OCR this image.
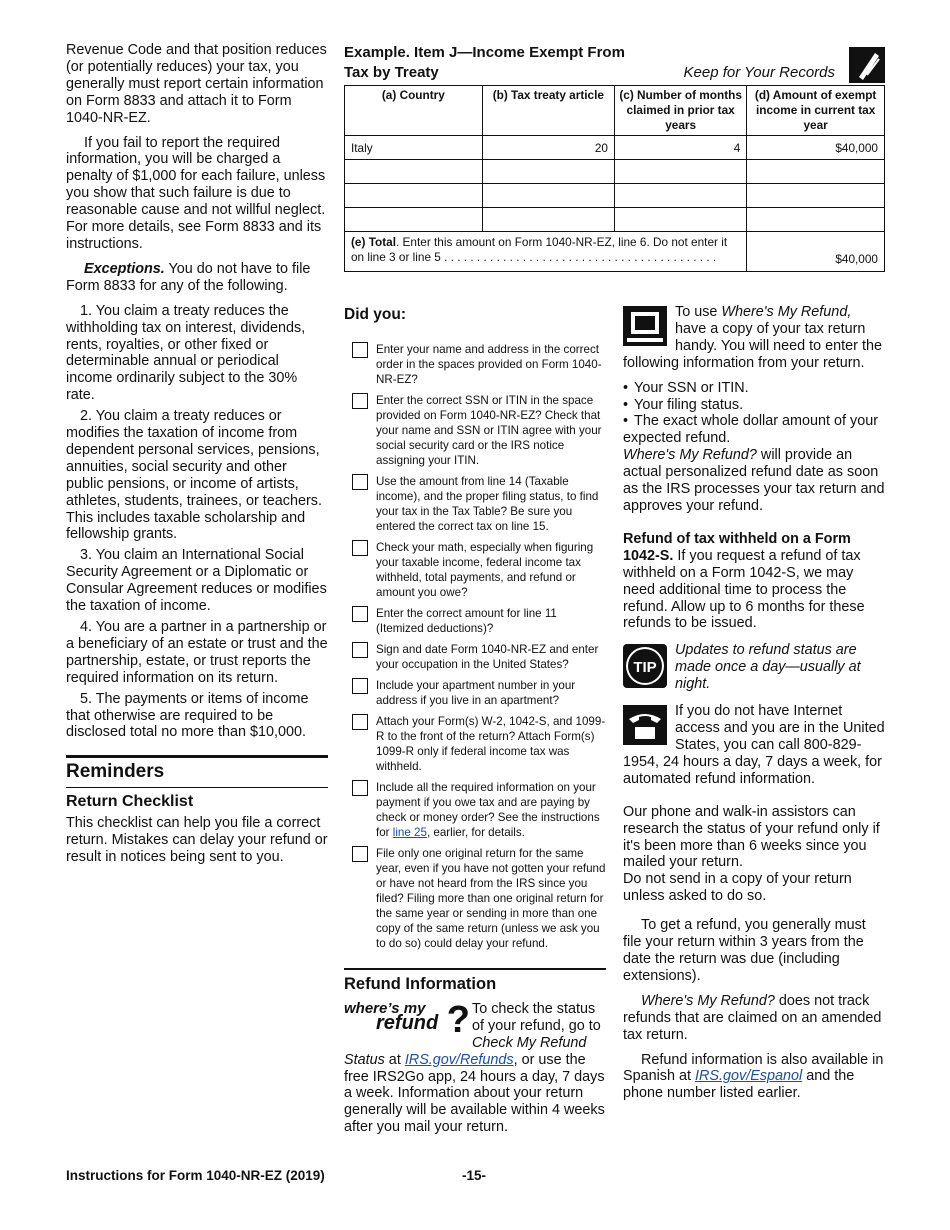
Revenue Code and that position reduces (or potentially reduces) your tax, you generally must report certain information on Form 8833 and attach it to Form 1040-NR-EZ.

If you fail to report the required information, you will be charged a penalty of $1,000 for each failure, unless you show that such failure is due to reasonable cause and not willful neglect. For more details, see Form 8833 and its instructions.

Exceptions. You do not have to file Form 8833 for any of the following.

1. You claim a treaty reduces the withholding tax on interest, dividends, rents, royalties, or other fixed or determinable annual or periodical income ordinarily subject to the 30% rate.

2. You claim a treaty reduces or modifies the taxation of income from dependent personal services, pensions, annuities, social security and other public pensions, or income of artists, athletes, students, trainees, or teachers. This includes taxable scholarship and fellowship grants.

3. You claim an International Social Security Agreement or a Diplomatic or Consular Agreement reduces or modifies the taxation of income.

4. You are a partner in a partnership or a beneficiary of an estate or trust and the partnership, estate, or trust reports the required information on its return.

5. The payments or items of income that otherwise are required to be disclosed total no more than $10,000.

Reminders
Return Checklist

This checklist can help you file a correct return. Mistakes can delay your refund or result in notices being sent to you.

Example. Item J—Income Exempt From
Tax by Treaty	Keep for Your Records
(a) Country	(b) Tax treaty article	(c) Number of months claimed in prior tax years	(d) Amount of exempt income in current tax year
Italy	20	4	$40,000

(e) Total. Enter this amount on Form 1040-NR-EZ, line 6. Do not enter it on line 3 or line 5 . . . . . . . . . . . . . . . . . . . . . . . . . . . . . . . . . . . . . . . . . .			$40,000
Did you:
Enter your name and address in the correct order in the spaces provided on Form 1040-NR-EZ?
Enter the correct SSN or ITIN in the space provided on Form 1040-NR-EZ? Check that your name and SSN or ITIN agree with your social security card or the IRS notice assigning your ITIN.
Use the amount from line 14 (Taxable income), and the proper filing status, to find your tax in the Tax Table? Be sure you entered the correct tax on line 15.
Check your math, especially when figuring your taxable income, federal income tax withheld, total payments, and refund or amount you owe?
Enter the correct amount for line 11 (Itemized deductions)?
Sign and date Form 1040-NR-EZ and enter your occupation in the United States?
Include your apartment number in your address if you live in an apartment?
Attach your Form(s) W-2, 1042-S, and 1099-R to the front of the return? Attach Form(s) 1099-R only if federal income tax was withheld.
Include all the required information on your payment if you owe tax and are paying by check or money order? See the instructions for line 25, earlier, for details.
File only one original return for the same year, even if you have not gotten your refund or have not heard from the IRS since you filed? Filing more than one original return for the same year or sending in more than one copy of the same return (unless we ask you to do so) could delay your refund.
Refund Information
where’s my
refund ? To check the status of your refund, go to Check My Refund Status at IRS.gov/Refunds, or use the free IRS2Go app, 24 hours a day, 7 days a week. Information about your return generally will be available within 4 weeks after you mail your return.

To use Where's My Refund, have a copy of your tax return handy. You will need to enter the following information from your return.

• Your SSN or ITIN.
• Your filing status.
• The exact whole dollar amount of your expected refund.

Where's My Refund? will provide an actual personalized refund date as soon as the IRS processes your tax return and approves your refund.

Refund of tax withheld on a Form 1042-S. If you request a refund of tax withheld on a Form 1042-S, we may need additional time to process the refund. Allow up to 6 months for these refunds to be issued.

TIP

Updates to refund status are made once a day—usually at night.

If you do not have Internet access and you are in the United States, you can call 800-829-1954, 24 hours a day, 7 days a week, for automated refund information.

Our phone and walk-in assistors can research the status of your refund only if it's been more than 6 weeks since you mailed your return.

Do not send in a copy of your return unless asked to do so.

To get a refund, you generally must file your return within 3 years from the date the return was due (including extensions).

Where's My Refund? does not track refunds that are claimed on an amended tax return.

Refund information is also available in Spanish at IRS.gov/Espanol and the phone number listed earlier.

Instructions for Form 1040-NR-EZ (2019)	-15-
